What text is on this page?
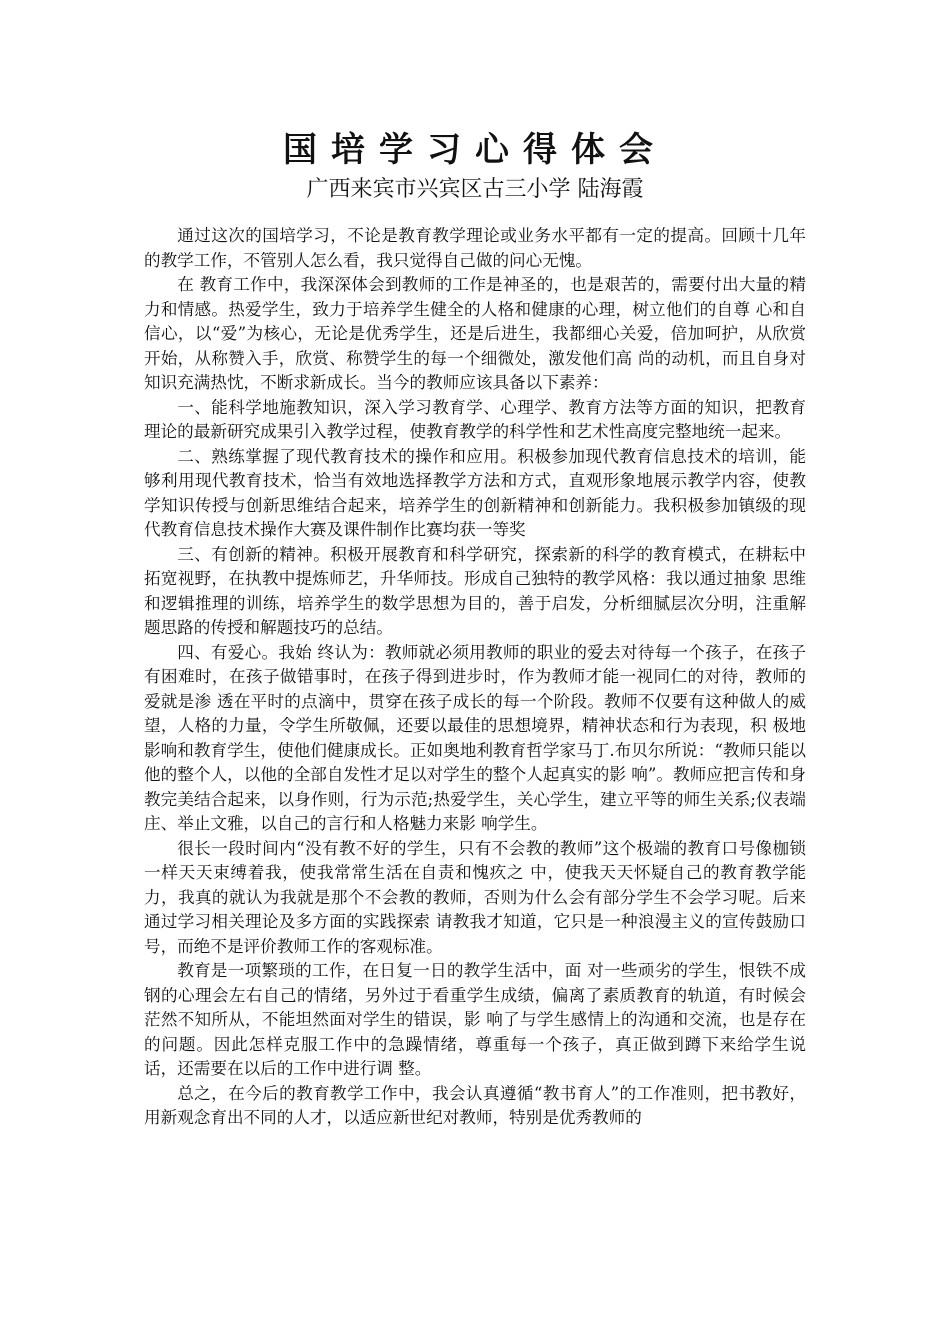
国培学习心得体会
广西来宾市兴宾区古三小学 陆海霞

通过这次的国培学习，不论是教育教学理论或业务水平都有一定的提高。回顾十几年的教学工作，不管别人怎么看，我只觉得自己做的问心无愧。

在 教育工作中，我深深体会到教师的工作是神圣的，也是艰苦的，需要付出大量的精力和情感。热爱学生，致力于培养学生健全的人格和健康的心理，树立他们的自尊 心和自信心，以“爱”为核心，无论是优秀学生，还是后进生，我都细心关爱，倍加呵护，从欣赏开始，从称赞入手，欣赏、称赞学生的每一个细微处，激发他们高 尚的动机，而且自身对知识充满热忱，不断求新成长。当今的教师应该具备以下素养：

一、能科学地施教知识，深入学习教育学、心理学、教育方法等方面的知识，把教育理论的最新研究成果引入教学过程，使教育教学的科学性和艺术性高度完整地统一起来。

二、熟练掌握了现代教育技术的操作和应用。积极参加现代教育信息技术的培训，能够利用现代教育技术，恰当有效地选择教学方法和方式，直观形象地展示教学内容，使教学知识传授与创新思维结合起来，培养学生的创新精神和创新能力。我积极参加镇级的现代教育信息技术操作大赛及课件制作比赛均获一等奖

三、有创新的精神。积极开展教育和科学研究，探索新的科学的教育模式，在耕耘中拓宽视野，在执教中提炼师艺，升华师技。形成自己独特的教学风格：我以通过抽象 思维和逻辑推理的训练，培养学生的数学思想为目的，善于启发，分析细腻层次分明，注重解题思路的传授和解题技巧的总结。

四、有爱心。我始 终认为：教师就必须用教师的职业的爱去对待每一个孩子，在孩子有困难时，在孩子做错事时，在孩子得到进步时，作为教师才能一视同仁的对待，教师的爱就是渗 透在平时的点滴中，贯穿在孩子成长的每一个阶段。教师不仅要有这种做人的威望，人格的力量，令学生所敬佩，还要以最佳的思想境界，精神状态和行为表现，积 极地影响和教育学生，使他们健康成长。正如奥地利教育哲学家马丁.布贝尔所说：“教师只能以他的整个人，以他的全部自发性才足以对学生的整个人起真实的影 响”。教师应把言传和身教完美结合起来，以身作则，行为示范;热爱学生，关心学生，建立平等的师生关系;仪表端庄、举止文雅，以自己的言行和人格魅力来影 响学生。

很长一段时间内“没有教不好的学生，只有不会教的教师”这个极端的教育口号像枷锁一样天天束缚着我，使我常常生活在自责和愧疚之 中，使我天天怀疑自己的教育教学能力，我真的就认为我就是那个不会教的教师，否则为什么会有部分学生不会学习呢。后来通过学习相关理论及多方面的实践探索 请教我才知道，它只是一种浪漫主义的宣传鼓励口号，而绝不是评价教师工作的客观标准。

教育是一项繁琐的工作，在日复一日的教学生活中，面 对一些顽劣的学生，恨铁不成钢的心理会左右自己的情绪，另外过于看重学生成绩，偏离了素质教育的轨道，有时候会茫然不知所从，不能坦然面对学生的错误，影 响了与学生感情上的沟通和交流，也是存在的问题。因此怎样克服工作中的急躁情绪，尊重每一个孩子，真正做到蹲下来给学生说话，还需要在以后的工作中进行调 整。

总之，在今后的教育教学工作中，我会认真遵循“教书育人”的工作准则，把书教好，用新观念育出不同的人才，以适应新世纪对教师，特别是优秀教师的
